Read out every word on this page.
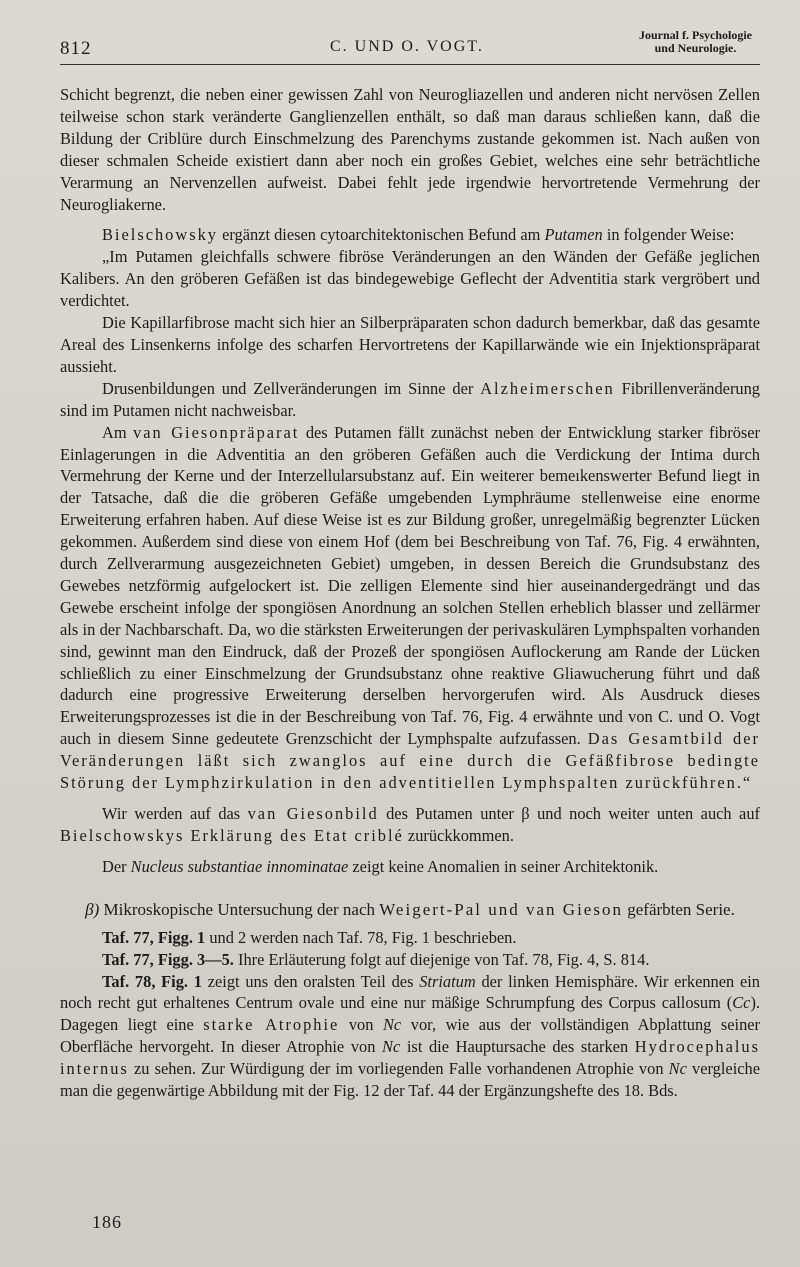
812	C. UND O. VOGT.
Journal f. Psychologie
und Neurologie.

Schicht begrenzt, die neben einer gewissen Zahl von Neurogliazellen und anderen nicht nervösen Zellen teilweise schon stark veränderte Ganglienzellen enthält, so daß man daraus schließen kann, daß die Bildung der Criblüre durch Einschmelzung des Parenchyms zustande gekommen ist. Nach außen von dieser schmalen Scheide existiert dann aber noch ein großes Gebiet, welches eine sehr beträchtliche Verarmung an Nervenzellen aufweist. Dabei fehlt jede irgendwie hervortretende Vermehrung der Neurogliakerne.

Bielschowsky ergänzt diesen cytoarchitektonischen Befund am Putamen in folgender Weise:

„Im Putamen gleichfalls schwere fibröse Veränderungen an den Wänden der Gefäße jeglichen Kalibers. An den gröberen Gefäßen ist das bindegewebige Geflecht der Adventitia stark vergröbert und verdichtet.

Die Kapillarfibrose macht sich hier an Silberpräparaten schon dadurch bemerkbar, daß das gesamte Areal des Linsenkerns infolge des scharfen Hervortretens der Kapillarwände wie ein Injektionspräparat aussieht.

Drusenbildungen und Zellveränderungen im Sinne der Alzheimerschen Fibrillenveränderung sind im Putamen nicht nachweisbar.

Am van Giesonpräparat des Putamen fällt zunächst neben der Entwicklung starker fibröser Einlagerungen in die Adventitia an den gröberen Gefäßen auch die Verdickung der Intima durch Vermehrung der Kerne und der Interzellularsubstanz auf. Ein weiterer bemeıkenswerter Befund liegt in der Tatsache, daß die die gröberen Gefäße umgebenden Lymphräume stellenweise eine enorme Erweiterung erfahren haben. Auf diese Weise ist es zur Bildung großer, unregelmäßig begrenzter Lücken gekommen. Außerdem sind diese von einem Hof (dem bei Beschreibung von Taf. 76, Fig. 4 erwähnten, durch Zellverarmung ausgezeichneten Gebiet) umgeben, in dessen Bereich die Grundsubstanz des Gewebes netzförmig aufgelockert ist. Die zelligen Elemente sind hier auseinandergedrängt und das Gewebe erscheint infolge der spongiösen Anordnung an solchen Stellen erheblich blasser und zellärmer als in der Nachbarschaft. Da, wo die stärksten Erweiterungen der perivaskulären Lymphspalten vorhanden sind, gewinnt man den Eindruck, daß der Prozeß der spongiösen Auflockerung am Rande der Lücken schließlich zu einer Einschmelzung der Grundsubstanz ohne reaktive Gliawucherung führt und daß dadurch eine progressive Erweiterung derselben hervorgerufen wird. Als Ausdruck dieses Erweiterungsprozesses ist die in der Beschreibung von Taf. 76, Fig. 4 erwähnte und von C. und O. Vogt auch in diesem Sinne gedeutete Grenzschicht der Lymphspalte aufzufassen. Das Gesamtbild der Veränderungen läßt sich zwanglos auf eine durch die Gefäßfibrose bedingte Störung der Lymphzirkulation in den adventitiellen Lymphspalten zurückführen.“

Wir werden auf das van Giesonbild des Putamen unter β und noch weiter unten auch auf Bielschowskys Erklärung des Etat criblé zurückkommen.

Der Nucleus substantiae innominatae zeigt keine Anomalien in seiner Architektonik.

β) Mikroskopische Untersuchung der nach Weigert-Pal und van Gieson gefärbten Serie.

Taf. 77, Figg. 1 und 2 werden nach Taf. 78, Fig. 1 beschrieben.

Taf. 77, Figg. 3—5. Ihre Erläuterung folgt auf diejenige von Taf. 78, Fig. 4, S. 814.

Taf. 78, Fig. 1 zeigt uns den oralsten Teil des Striatum der linken Hemisphäre. Wir erkennen ein noch recht gut erhaltenes Centrum ovale und eine nur mäßige Schrumpfung des Corpus callosum (Cc). Dagegen liegt eine starke Atrophie von Nc vor, wie aus der vollständigen Abplattung seiner Oberfläche hervorgeht. In dieser Atrophie von Nc ist die Hauptursache des starken Hydrocephalus internus zu sehen. Zur Würdigung der im vorliegenden Falle vorhandenen Atrophie von Nc vergleiche man die gegenwärtige Abbildung mit der Fig. 12 der Taf. 44 der Ergänzungshefte des 18. Bds.

186
